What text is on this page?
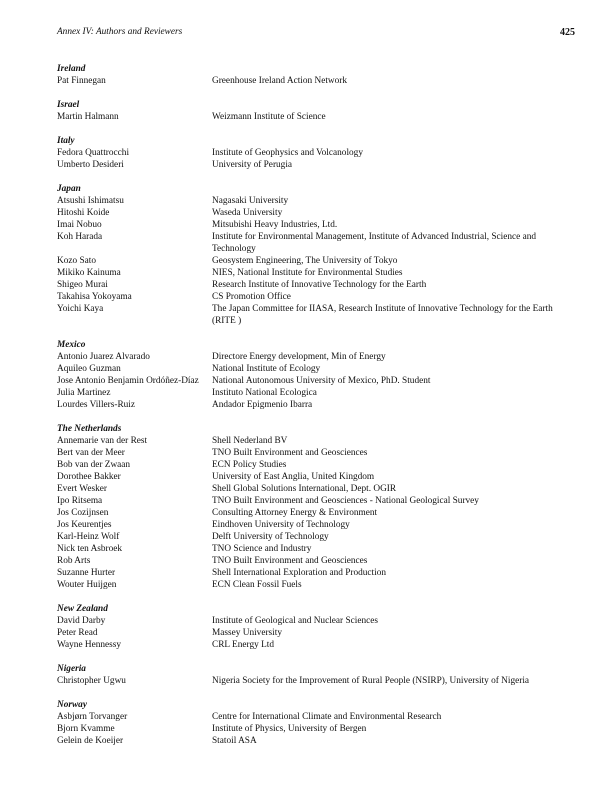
Annex IV: Authors and Reviewers	425
Ireland
Pat Finnegan	Greenhouse Ireland Action Network
Israel
Martin Halmann	Weizmann Institute of Science
Italy
Fedora Quattrocchi	Institute of Geophysics and Volcanology
Umberto Desideri	University of Perugia
Japan
Atsushi Ishimatsu	Nagasaki University
Hitoshi Koide	Waseda University
Imai Nobuo	Mitsubishi Heavy Industries, Ltd.
Koh Harada	Institute for Environmental Management, Institute of Advanced Industrial, Science and Technology
Kozo Sato	Geosystem Engineering, The University of Tokyo
Mikiko Kainuma	NIES, National Institute for Environmental Studies
Shigeo Murai	Research Institute of Innovative Technology for the Earth
Takahisa Yokoyama	CS Promotion Office
Yoichi Kaya	The Japan Committee for IIASA, Research Institute of Innovative Technology for the Earth (RITE )
Mexico
Antonio Juarez Alvarado	Directore Energy development, Min of Energy
Aquileo Guzman	National Institute of Ecology
Jose Antonio Benjamin Ordóñez-Díaz	National Autonomous University of Mexico, PhD. Student
Julia Martinez	Instituto National Ecologica
Lourdes Villers-Ruiz	Andador Epigmenio Ibarra
The Netherlands
Annemarie van der Rest	Shell Nederland BV
Bert van der Meer	TNO Built Environment and Geosciences
Bob van der Zwaan	ECN Policy Studies
Dorothee Bakker	University of East Anglia, United Kingdom
Evert Wesker	Shell Global Solutions International, Dept. OGIR
Ipo Ritsema	TNO Built Environment and Geosciences - National Geological Survey
Jos Cozijnsen	Consulting Attorney Energy & Environment
Jos Keurentjes	Eindhoven University of Technology
Karl-Heinz Wolf	Delft University of Technology
Nick ten Asbroek	TNO Science and Industry
Rob Arts	TNO Built Environment and Geosciences
Suzanne Hurter	Shell International Exploration and Production
Wouter Huijgen	ECN Clean Fossil Fuels
New Zealand
David Darby	Institute of Geological and Nuclear Sciences
Peter Read	Massey University
Wayne Hennessy	CRL Energy Ltd
Nigeria
Christopher Ugwu	Nigeria Society for the Improvement of Rural People (NSIRP), University of Nigeria
Norway
Asbjørn Torvanger	Centre for International Climate and Environmental Research
Bjorn Kvamme	Institute of Physics, University of Bergen
Gelein de Koeijer	Statoil ASA
